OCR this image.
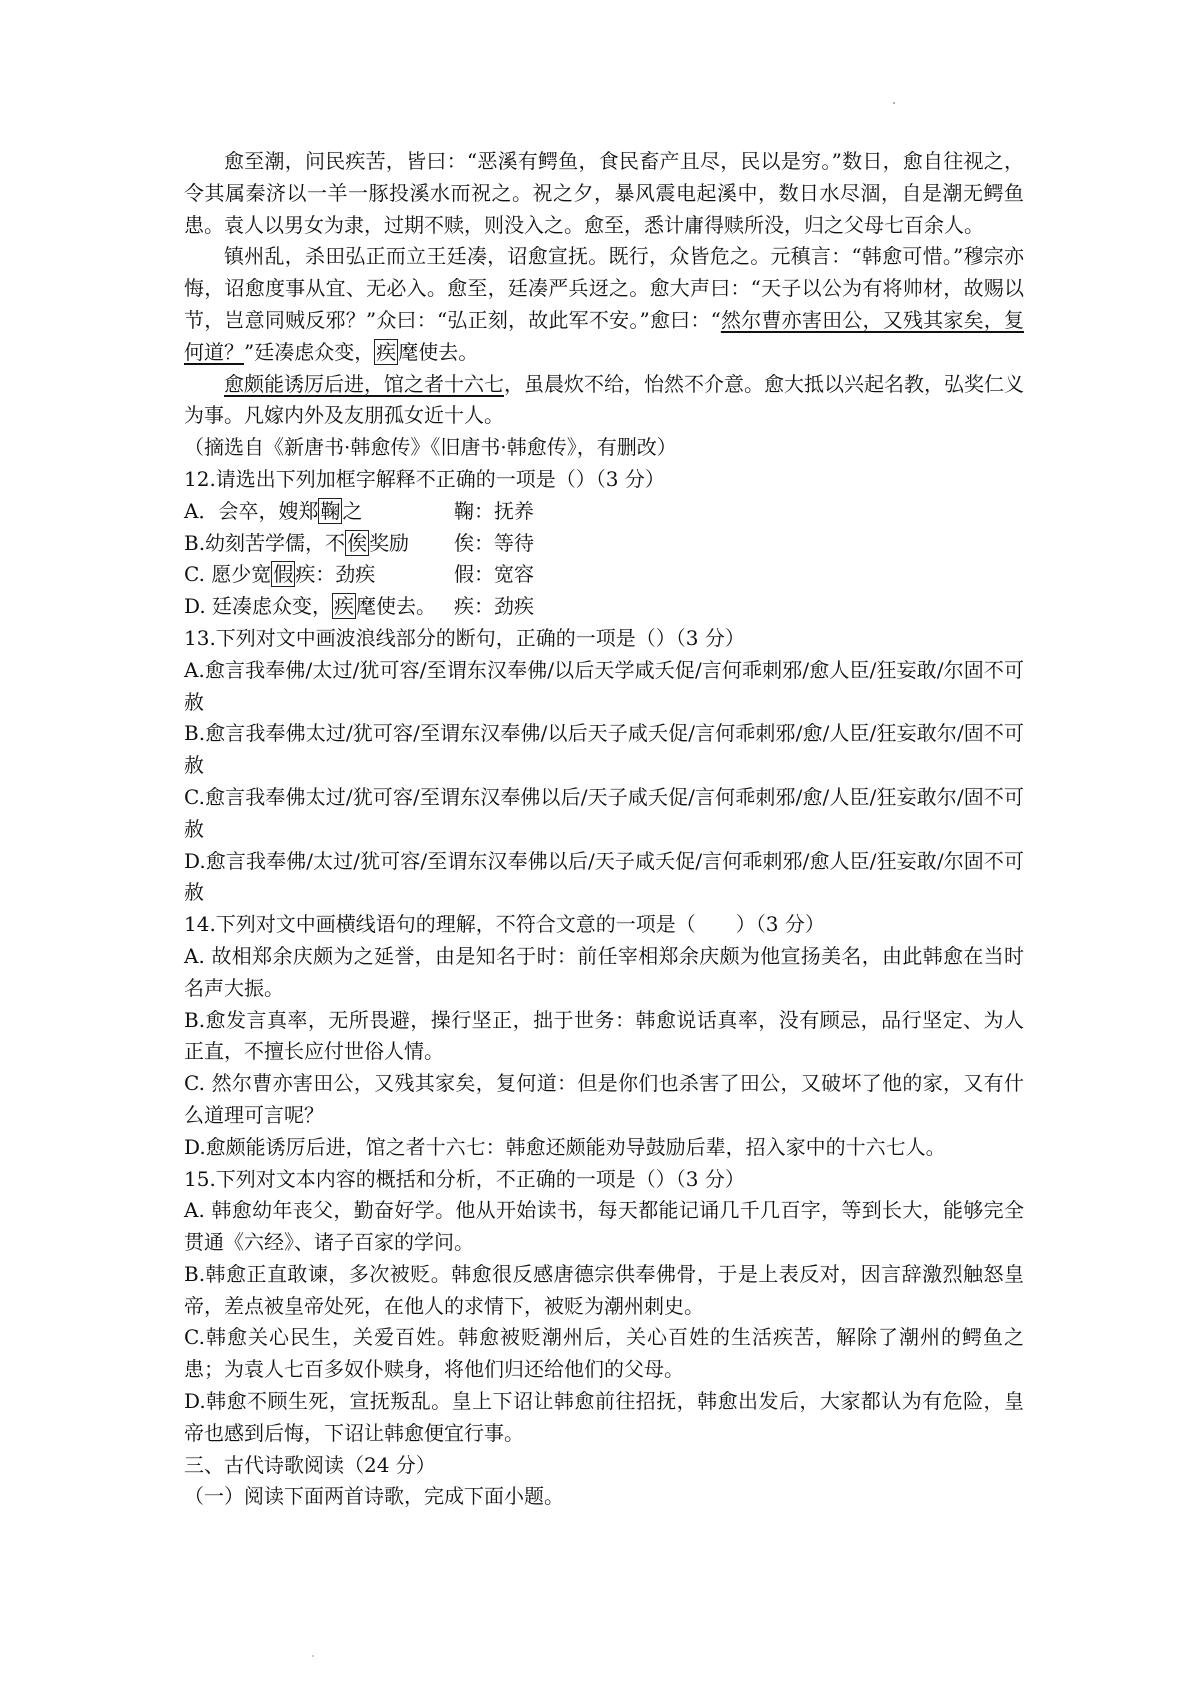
愈至潮，问民疾苦，皆曰：“恶溪有鳄鱼，食民畜产且尽，民以是穷。”数日，愈自往视之，令其属秦济以一羊一豚投溪水而祝之。祝之夕，暴风震电起溪中，数日水尽涸，自是潮无鳄鱼患。袁人以男女为隶，过期不赎，则没入之。愈至，悉计庸得赎所没，归之父母七百余人。

镇州乱，杀田弘正而立王廷凑，诏愈宣抚。既行，众皆危之。元稹言：“韩愈可惜。”穆宗亦悔，诏愈度事从宜、无必入。愈至，廷凑严兵迓之。愈大声曰：“天子以公为有将帅材，故赐以节，岂意同贼反邪？”众曰：“弘正刻，故此军不安。”愈曰：“然尔曹亦害田公，又残其家矣，复何道？”廷凑虑众变， 疾 麾使去。

愈颇能诱厉后进，馆之者十六七，虽晨炊不给，怡然不介意。愈大抵以兴起名教，弘奖仁义为事。凡嫁内外及友朋孤女近十人。

（摘选自《新唐书·韩愈传》《旧唐书·韩愈传》，有删改）

12.请选出下列加框字解释不正确的一项是（）（3 分）

A．会卒，嫂郑 鞠 之	鞠：抚养

B.幼刻苦学儒，不 俟 奖励 俟：等待

C. 愿少宽 假 疾：劲疾	假：宽容

D. 廷凑虑众变， 疾 麾使去。 疾：劲疾

13.下列对文中画波浪线部分的断句，正确的一项是（）（3 分）

A.愈言我奉佛/太过/犹可容/至谓东汉奉佛/以后天学咸夭促/言何乖刺邪/愈人臣/狂妄敢/尔固不可赦

B.愈言我奉佛太过/犹可容/至谓东汉奉佛/以后天子咸夭促/言何乖刺邪/愈/人臣/狂妄敢尔/固不可赦

C.愈言我奉佛太过/犹可容/至谓东汉奉佛以后/天子咸夭促/言何乖刺邪/愈/人臣/狂妄敢尔/固不可赦

D.愈言我奉佛/太过/犹可容/至谓东汉奉佛以后/天子咸夭促/言何乖刺邪/愈人臣/狂妄敢/尔固不可赦

14.下列对文中画横线语句的理解，不符合文意的一项是（　　）（3 分）

A. 故相郑余庆颇为之延誉，由是知名于时：前任宰相郑余庆颇为他宣扬美名，由此韩愈在当时名声大振。

B.愈发言真率，无所畏避，操行坚正，拙于世务：韩愈说话真率，没有顾忌，品行坚定、为人正直，不擅长应付世俗人情。

C. 然尔曹亦害田公，又残其家矣，复何道：但是你们也杀害了田公，又破坏了他的家，又有什么道理可言呢？

D.愈颇能诱厉后进，馆之者十六七：韩愈还颇能劝导鼓励后辈，招入家中的十六七人。

15.下列对文本内容的概括和分析，不正确的一项是（）（3 分）

A. 韩愈幼年丧父，勤奋好学。他从开始读书，每天都能记诵几千几百字，等到长大，能够完全贯通《六经》、诸子百家的学问。

B.韩愈正直敢谏，多次被贬。韩愈很反感唐德宗供奉佛骨，于是上表反对，因言辞激烈触怒皇帝，差点被皇帝处死，在他人的求情下，被贬为潮州刺史。

C.韩愈关心民生，关爱百姓。韩愈被贬潮州后，关心百姓的生活疾苦，解除了潮州的鳄鱼之患；为袁人七百多奴仆赎身，将他们归还给他们的父母。

D.韩愈不顾生死，宣抚叛乱。皇上下诏让韩愈前往招抚，韩愈出发后，大家都认为有危险，皇帝也感到后悔，下诏让韩愈便宜行事。

三、古代诗歌阅读（24 分）

（一）阅读下面两首诗歌，完成下面小题。
